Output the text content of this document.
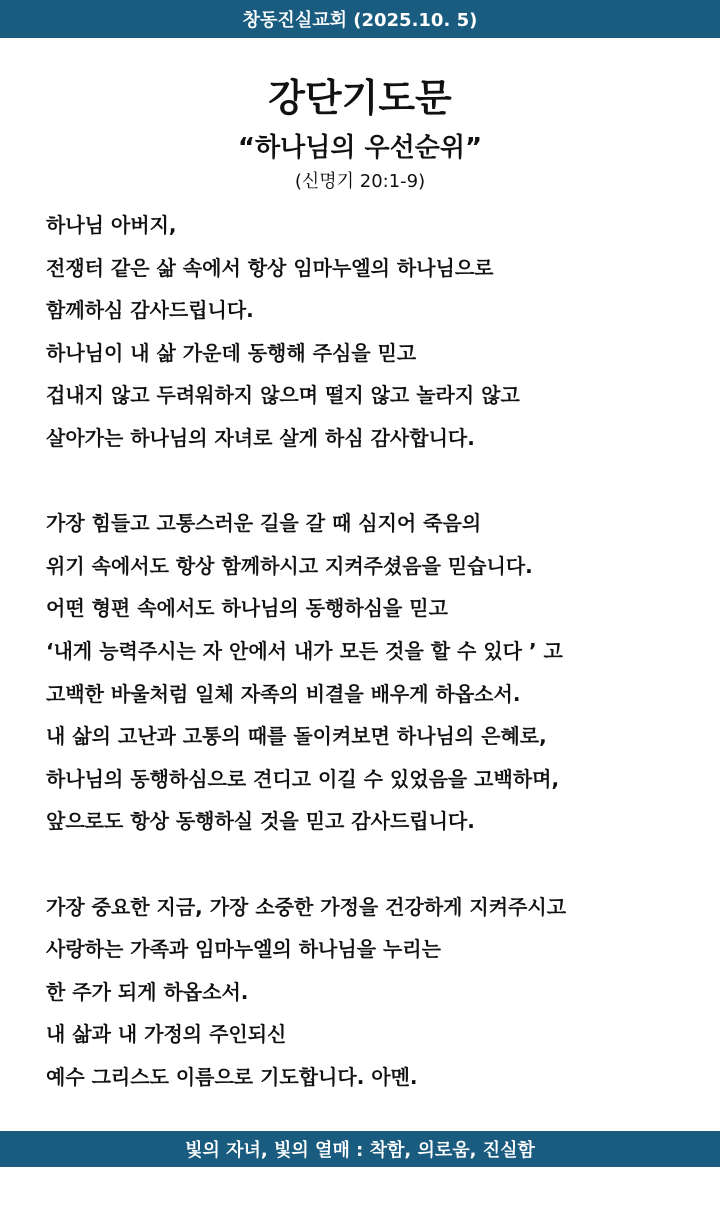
창동진실교회 (2025.10. 5)
강단기도문
“하나님의 우선순위”
(신명기 20:1-9)
하나님 아버지,
전쟁터 같은 삶 속에서 항상 임마누엘의 하나님으로
함께하심 감사드립니다.
하나님이 내 삶 가운데 동행해 주심을 믿고
겁내지 않고 두려워하지 않으며 떨지 않고 놀라지 않고
살아가는 하나님의 자녀로 살게 하심 감사합니다.
가장 힘들고 고통스러운 길을 갈 때 심지어 죽음의
위기 속에서도 항상 함께하시고 지켜주셨음을 믿습니다.
어떤 형편 속에서도 하나님의 동행하심을 믿고
‘내게 능력주시는 자 안에서 내가 모든 것을 할 수 있다 ’ 고
고백한 바울처럼 일체 자족의 비결을 배우게 하옵소서.
내 삶의 고난과 고통의 때를 돌이켜보면 하나님의 은혜로,
하나님의 동행하심으로 견디고 이길 수 있었음을 고백하며,
앞으로도 항상 동행하실 것을 믿고 감사드립니다.
가장 중요한 지금, 가장 소중한 가정을 건강하게 지켜주시고
사랑하는 가족과 임마누엘의 하나님을 누리는
한 주가 되게 하옵소서.
내 삶과 내 가정의 주인되신
예수 그리스도 이름으로 기도합니다. 아멘.
빛의 자녀, 빛의 열매 : 착함, 의로움, 진실함
